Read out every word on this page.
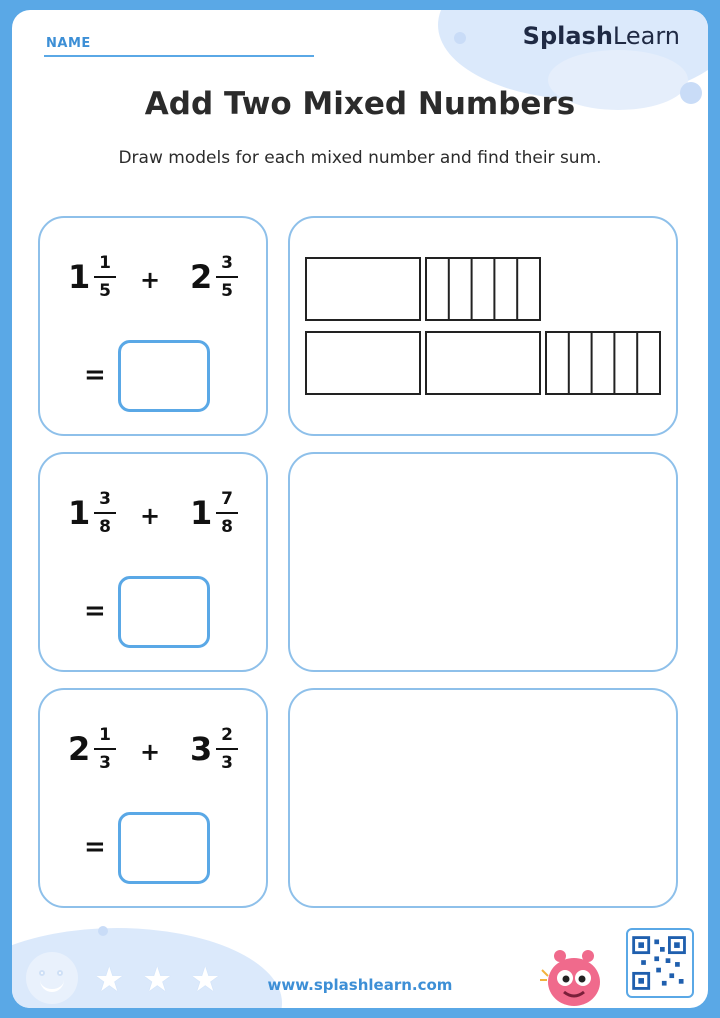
NAME	SplashLearn
Add Two Mixed Numbers
Draw models for each mixed number and find their sum.
1 1
5 + 2 3
5
=
1 3
8 + 1 7
8
=
2 1
3 + 3 2
3
=
★ ★ ★	www.splashlearn.com
